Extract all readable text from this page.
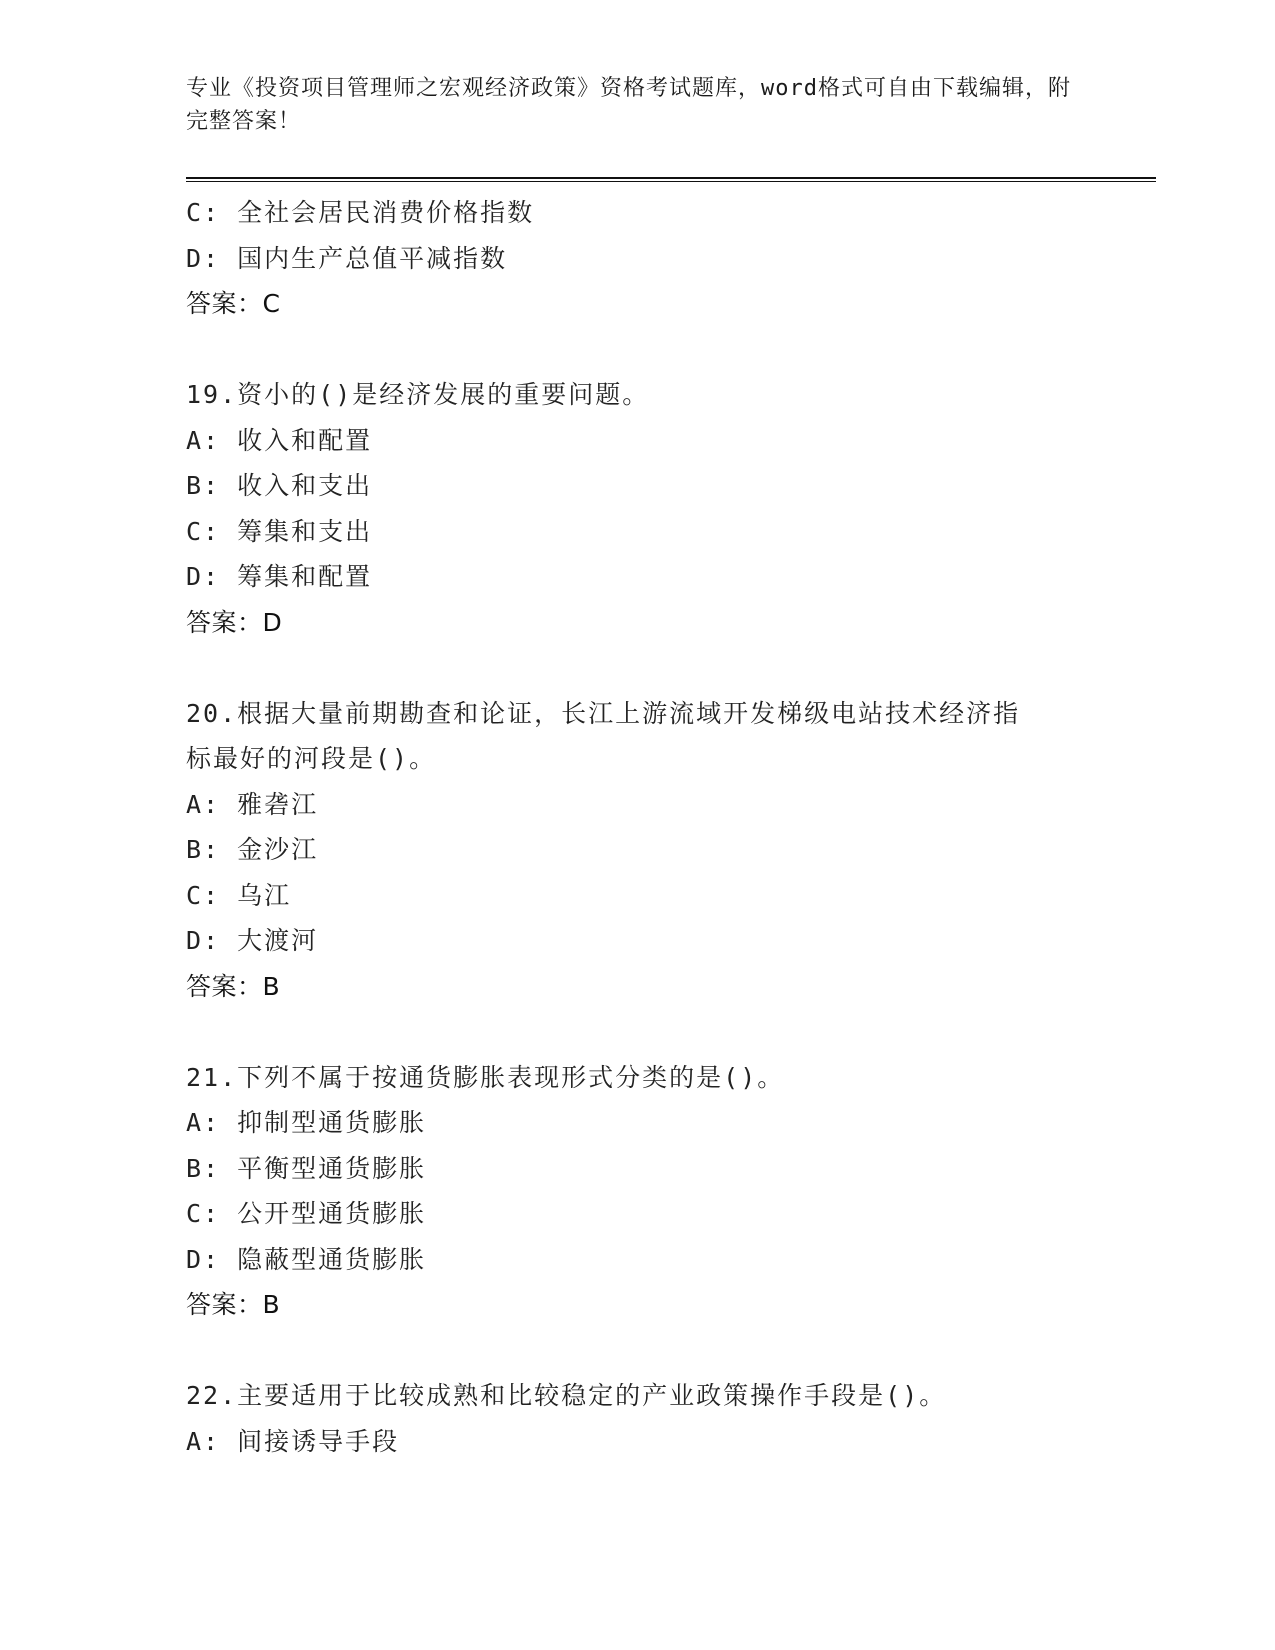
专业《投资项目管理师之宏观经济政策》资格考试题库，word格式可自由下载编辑，附完整答案！
C: 全社会居民消费价格指数
D: 国内生产总值平减指数
答案：C
19.资小的()是经济发展的重要问题。
A: 收入和配置
B: 收入和支出
C: 筹集和支出
D: 筹集和配置
答案：D
20.根据大量前期勘查和论证，长江上游流域开发梯级电站技术经济指
标最好的河段是()。
A: 雅砻江
B: 金沙江
C: 乌江
D: 大渡河
答案：B
21.下列不属于按通货膨胀表现形式分类的是()。
A: 抑制型通货膨胀
B: 平衡型通货膨胀
C: 公开型通货膨胀
D: 隐蔽型通货膨胀
答案：B
22.主要适用于比较成熟和比较稳定的产业政策操作手段是()。
A: 间接诱导手段
